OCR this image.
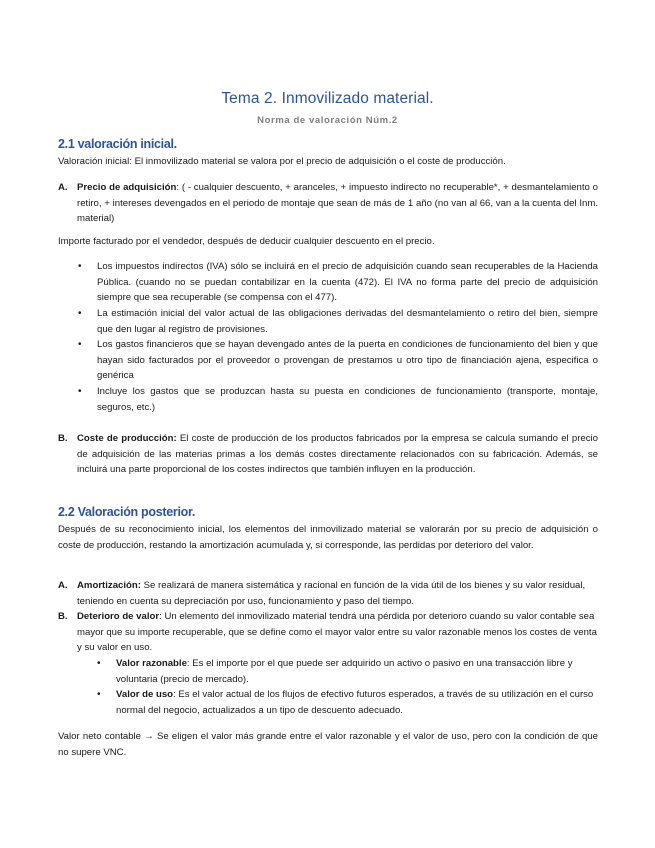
Tema 2. Inmovilizado material.
Norma de valoración Núm.2
2.1 valoración inicial.
Valoración inicial: El inmovilizado material se valora por el precio de adquisición o el coste de producción.
A. Precio de adquisición: ( - cualquier descuento, + aranceles, + impuesto indirecto no recuperable*, + desmantelamiento o retiro, + intereses devengados en el periodo de montaje que sean de más de 1 año (no van al 66, van a la cuenta del Inm. material)
Importe facturado por el vendedor, después de deducir cualquier descuento en el precio.
• Los impuestos indirectos (IVA) sólo se incluirá en el precio de adquisición cuando sean recuperables de la Hacienda Pública. (cuando no se puedan contabilizar en la cuenta (472). El IVA no forma parte del precio de adquisición siempre que sea recuperable (se compensa con el 477).
• La estimación inicial del valor actual de las obligaciones derivadas del desmantelamiento o retiro del bien, siempre que den lugar al registro de provisiones.
• Los gastos financieros que se hayan devengado antes de la puerta en condiciones de funcionamiento del bien y que hayan sido facturados por el proveedor o provengan de prestamos u otro tipo de financiación ajena, especifica o genérica
• Incluye los gastos que se produzcan hasta su puesta en condiciones de funcionamiento (transporte, montaje, seguros, etc.)
B. Coste de producción: El coste de producción de los productos fabricados por la empresa se calcula sumando el precio de adquisición de las materias primas a los demás costes directamente relacionados con su fabricación. Además, se incluirá una parte proporcional de los costes indirectos que también influyen en la producción.
2.2 Valoración posterior.
Después de su reconocimiento inicial, los elementos del inmovilizado material se valorarán por su precio de adquisición o coste de producción, restando la amortización acumulada y, si corresponde, las perdidas por deterioro del valor.
A. Amortización: Se realizará de manera sistemática y racional en función de la vida útil de los bienes y su valor residual, teniendo en cuenta su depreciación por uso, funcionamiento y paso del tiempo.
B. Deterioro de valor: Un elemento del inmovilizado material tendrá una pérdida por deterioro cuando su valor contable sea mayor que su importe recuperable, que se define como el mayor valor entre su valor razonable menos los costes de venta y su valor en uso.
• Valor razonable: Es el importe por el que puede ser adquirido un activo o pasivo en una transacción libre y voluntaria (precio de mercado).
• Valor de uso: Es el valor actual de los flujos de efectivo futuros esperados, a través de su utilización en el curso normal del negocio, actualizados a un tipo de descuento adecuado.
Valor neto contable → Se eligen el valor más grande entre el valor razonable y el valor de uso, pero con la condición de que no supere VNC.
